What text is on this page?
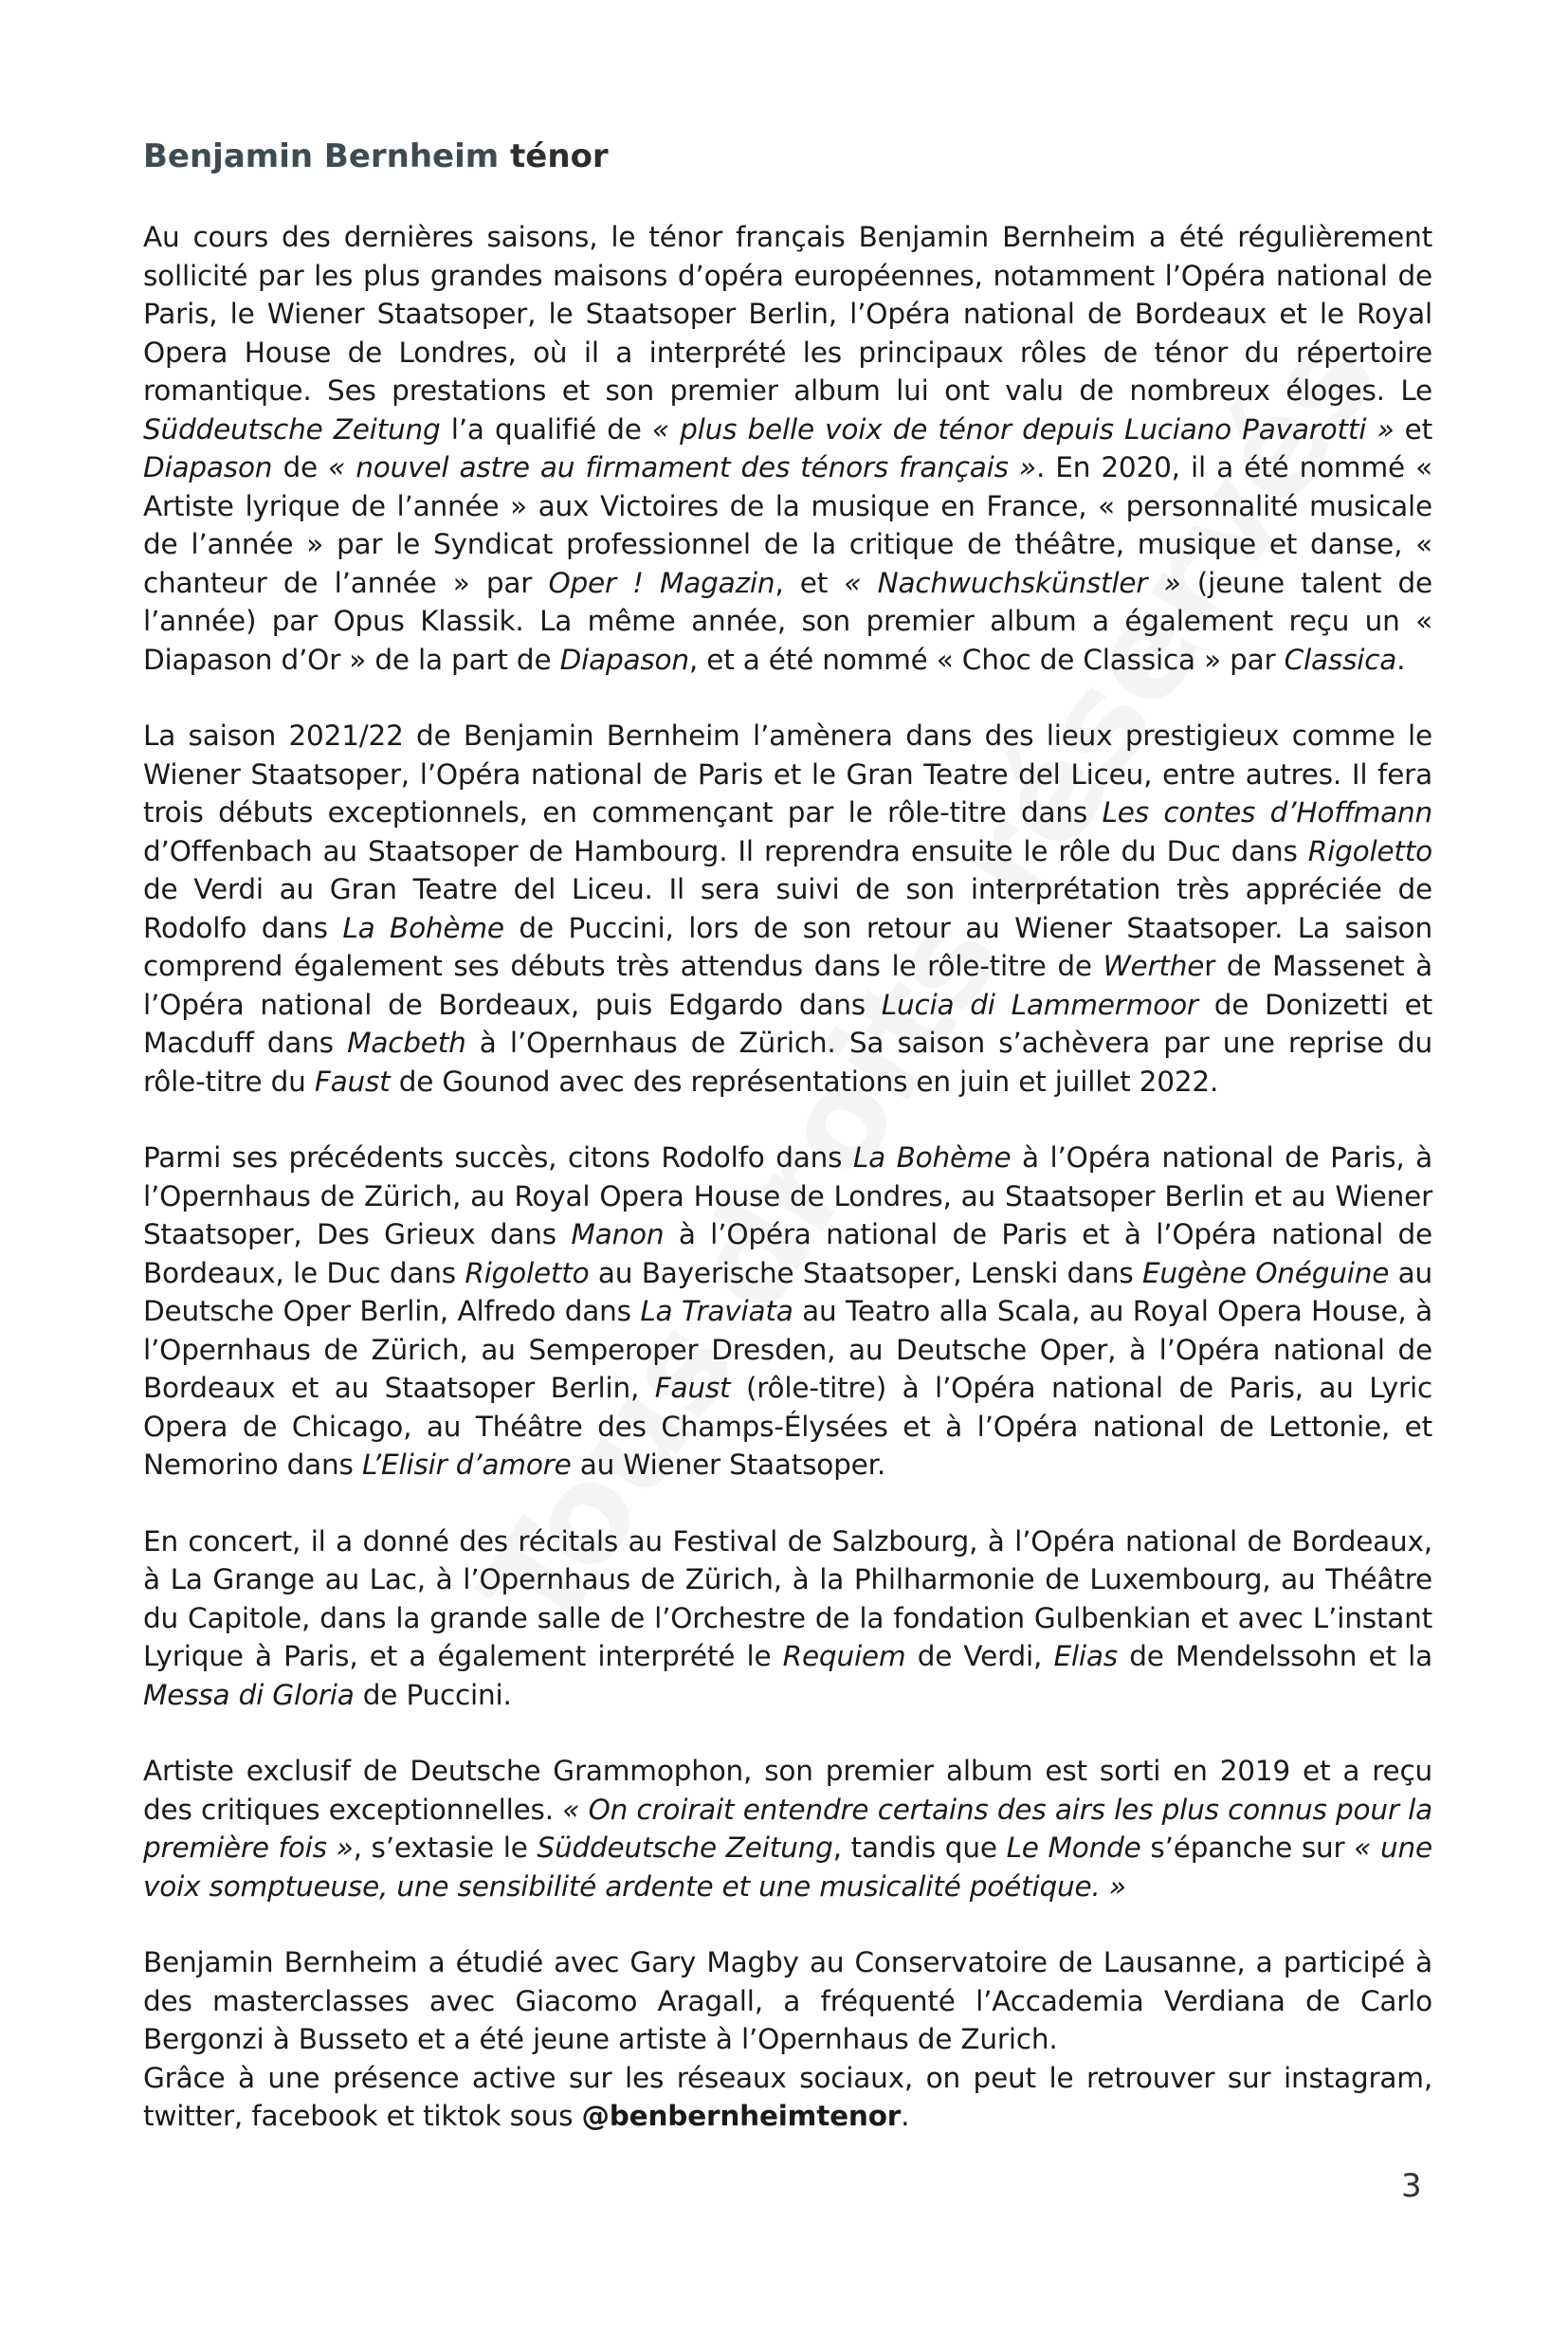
Benjamin Bernheim ténor

Au cours des dernières saisons, le ténor français Benjamin Bernheim a été régulièrement sollicité par les plus grandes maisons d’opéra européennes, notamment l’Opéra national de Paris, le Wiener Staatsoper, le Staatsoper Berlin, l’Opéra national de Bordeaux et le Royal Opera House de Londres, où il a interprété les principaux rôles de ténor du répertoire romantique. Ses prestations et son premier album lui ont valu de nombreux éloges. Le Süddeutsche Zeitung l’a qualifié de « plus belle voix de ténor depuis Luciano Pavarotti » et Diapason de « nouvel astre au firmament des ténors français ». En 2020, il a été nommé « Artiste lyrique de l’année » aux Victoires de la musique en France, « personnalité musicale de l’année » par le Syndicat professionnel de la critique de théâtre, musique et danse, « chanteur de l’année » par Oper ! Magazin, et « Nachwuchskünstler » (jeune talent de l’année) par Opus Klassik. La même année, son premier album a également reçu un « Diapason d’Or » de la part de Diapason, et a été nommé « Choc de Classica » par Classica.

La saison 2021/22 de Benjamin Bernheim l’amènera dans des lieux prestigieux comme le Wiener Staatsoper, l’Opéra national de Paris et le Gran Teatre del Liceu, entre autres. Il fera trois débuts exceptionnels, en commençant par le rôle-titre dans Les contes d’Hoffmann d’Offenbach au Staatsoper de Hambourg. Il reprendra ensuite le rôle du Duc dans Rigoletto de Verdi au Gran Teatre del Liceu. Il sera suivi de son interprétation très appréciée de Rodolfo dans La Bohème de Puccini, lors de son retour au Wiener Staatsoper. La saison comprend également ses débuts très attendus dans le rôle-titre de Werther de Massenet à l’Opéra national de Bordeaux, puis Edgardo dans Lucia di Lammermoor de Donizetti et Macduff dans Macbeth à l’Opernhaus de Zürich. Sa saison s’achèvera par une reprise du rôle-titre du Faust de Gounod avec des représentations en juin et juillet 2022.

Parmi ses précédents succès, citons Rodolfo dans La Bohème à l’Opéra national de Paris, à l’Opernhaus de Zürich, au Royal Opera House de Londres, au Staatsoper Berlin et au Wiener Staatsoper, Des Grieux dans Manon à l’Opéra national de Paris et à l’Opéra national de Bordeaux, le Duc dans Rigoletto au Bayerische Staatsoper, Lenski dans Eugène Onéguine au Deutsche Oper Berlin, Alfredo dans La Traviata au Teatro alla Scala, au Royal Opera House, à l’Opernhaus de Zürich, au Semperoper Dresden, au Deutsche Oper, à l’Opéra national de Bordeaux et au Staatsoper Berlin, Faust (rôle-titre) à l’Opéra national de Paris, au Lyric Opera de Chicago, au Théâtre des Champs-Élysées et à l’Opéra national de Lettonie, et Nemorino dans L’Elisir d’amore au Wiener Staatsoper.

En concert, il a donné des récitals au Festival de Salzbourg, à l’Opéra national de Bordeaux, à La Grange au Lac, à l’Opernhaus de Zürich, à la Philharmonie de Luxembourg, au Théâtre du Capitole, dans la grande salle de l’Orchestre de la fondation Gulbenkian et avec L’instant Lyrique à Paris, et a également interprété le Requiem de Verdi, Elias de Mendelssohn et la Messa di Gloria de Puccini.

Artiste exclusif de Deutsche Grammophon, son premier album est sorti en 2019 et a reçu des critiques exceptionnelles. « On croirait entendre certains des airs les plus connus pour la première fois », s’extasie le Süddeutsche Zeitung, tandis que Le Monde s’épanche sur « une voix somptueuse, une sensibilité ardente et une musicalité poétique. »

Benjamin Bernheim a étudié avec Gary Magby au Conservatoire de Lausanne, a participé à des masterclasses avec Giacomo Aragall, a fréquenté l’Accademia Verdiana de Carlo Bergonzi à Busseto et a été jeune artiste à l’Opernhaus de Zurich.

Grâce à une présence active sur les réseaux sociaux, on peut le retrouver sur instagram, twitter, facebook et tiktok sous @benbernheimtenor.

3
